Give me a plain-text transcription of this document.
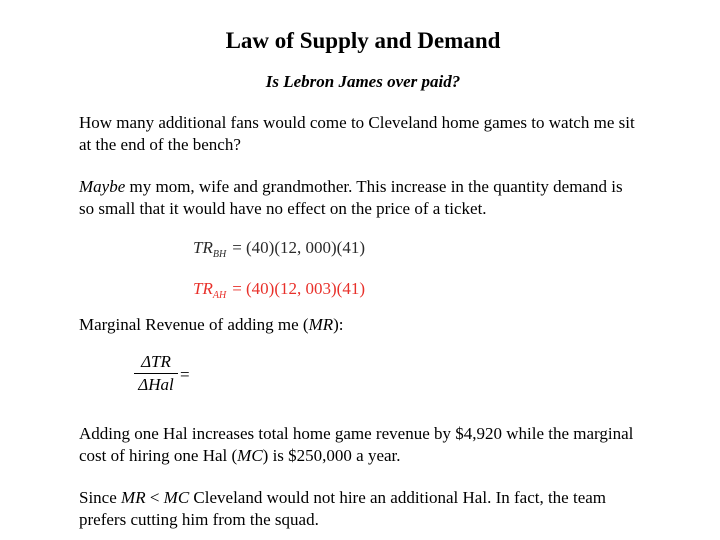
Law of Supply and Demand
Is Lebron James over paid?
How many additional fans would come to Cleveland home games to watch me sit at the end of the bench?
Maybe my mom, wife and grandmother. This increase in the quantity demand is so small that it would have no effect on the price of a ticket.
$TR_{BH} = (40)(12$, 000)(41)
$TR_{AH} = (40)(12$, 003)(41)
Marginal Revenue of adding me (MR):
ΔTR
ΔHal
=
Adding one Hal increases total home game revenue by $4,920 while the marginal cost of hiring one Hal (MC) is $250,000 a year.
Since MR < MC Cleveland would not hire an additional Hal. In fact, the team prefers cutting him from the squad.
